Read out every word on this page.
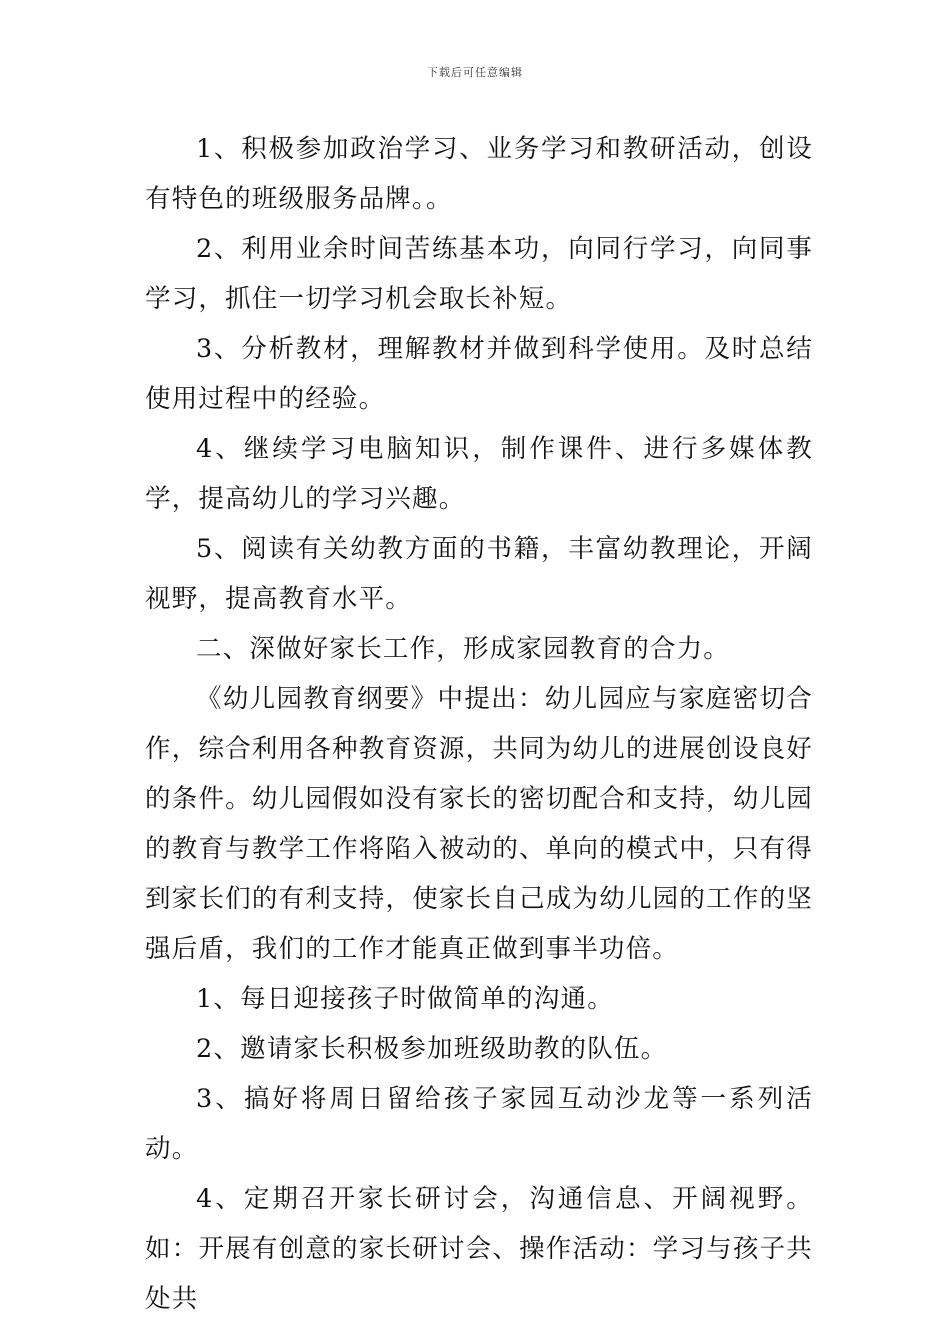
下载后可任意编辑

1、积极参加政治学习、业务学习和教研活动，创设有特色的班级服务品牌。。

2、利用业余时间苦练基本功，向同行学习，向同事学习，抓住一切学习机会取长补短。

3、分析教材，理解教材并做到科学使用。及时总结使用过程中的经验。

4、继续学习电脑知识，制作课件、进行多媒体教学，提高幼儿的学习兴趣。

5、阅读有关幼教方面的书籍，丰富幼教理论，开阔视野，提高教育水平。

二、深做好家长工作，形成家园教育的合力。

《幼儿园教育纲要》中提出：幼儿园应与家庭密切合作，综合利用各种教育资源，共同为幼儿的进展创设良好的条件。幼儿园假如没有家长的密切配合和支持，幼儿园的教育与教学工作将陷入被动的、单向的模式中，只有得到家长们的有利支持，使家长自己成为幼儿园的工作的坚强后盾，我们的工作才能真正做到事半功倍。

1、每日迎接孩子时做简单的沟通。

2、邀请家长积极参加班级助教的队伍。

3、搞好将周日留给孩子家园互动沙龙等一系列活动。

4、定期召开家长研讨会，沟通信息、开阔视野。如：开展有创意的家长研讨会、操作活动：学习与孩子共处共
